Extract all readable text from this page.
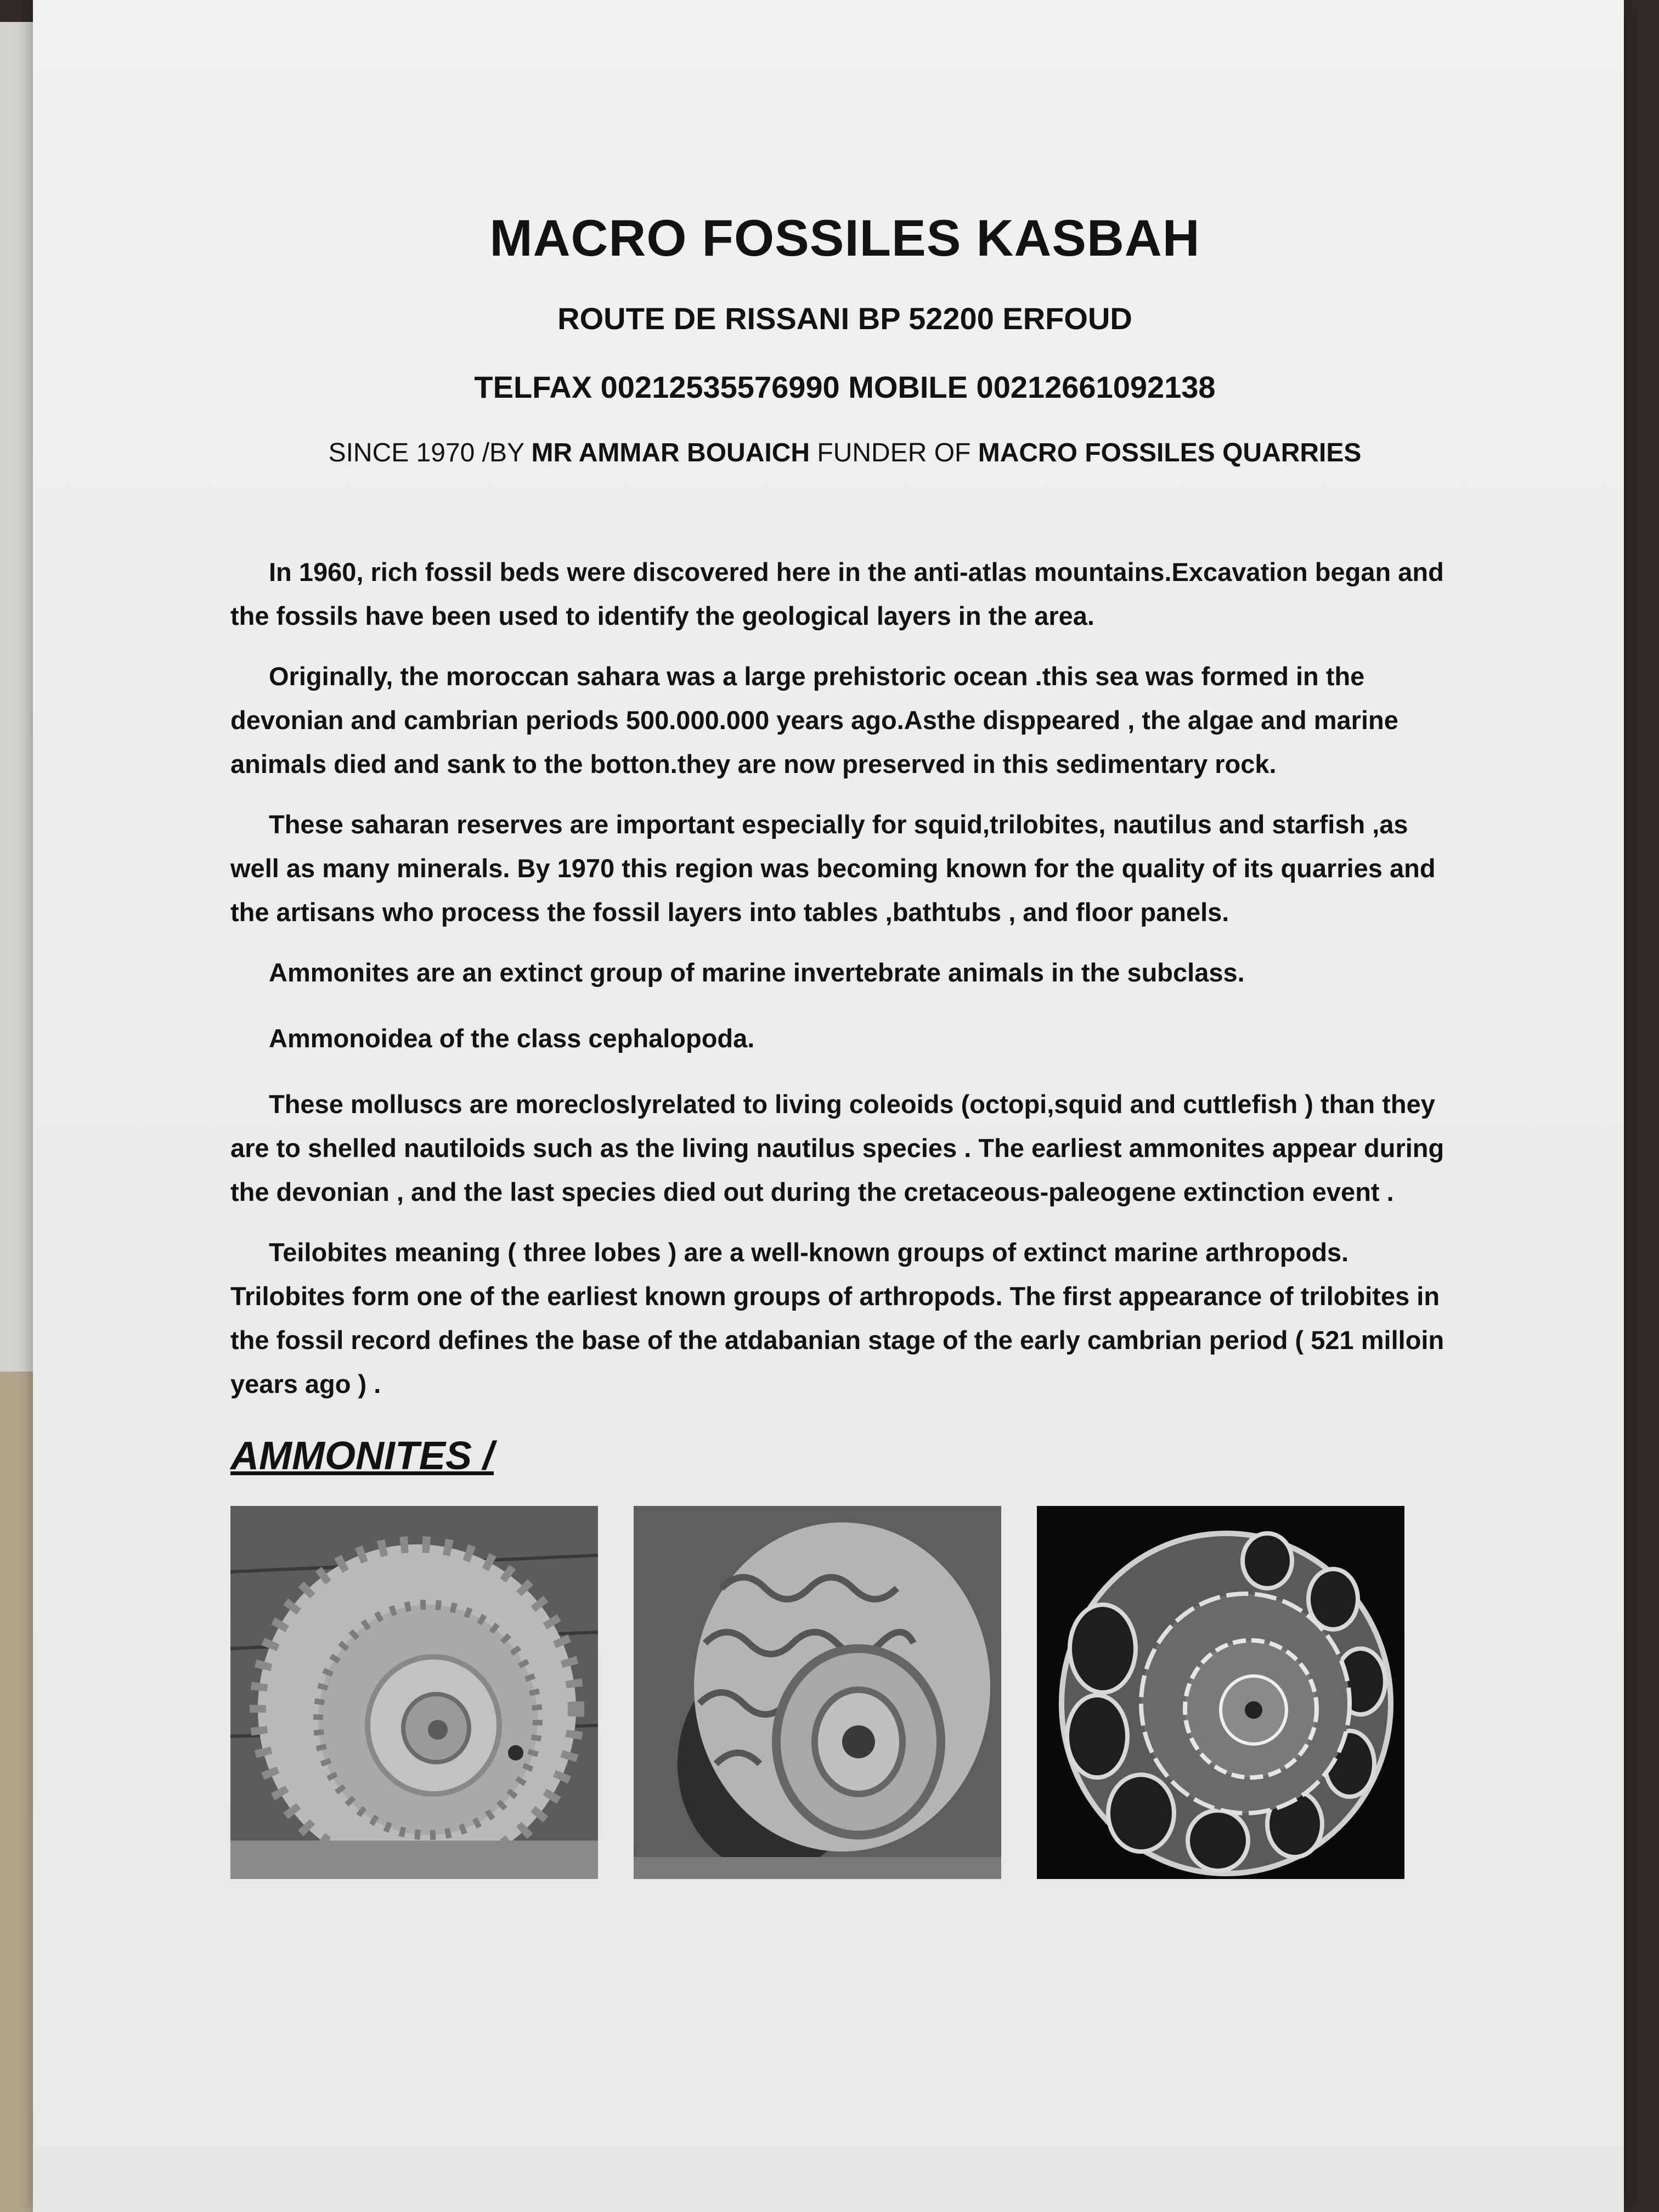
MACRO FOSSILES KASBAH
ROUTE DE RISSANI BP 52200 ERFOUD
TELFAX 00212535576990 MOBILE 00212661092138
SINCE 1970 /BY MR AMMAR BOUAICH FUNDER OF MACRO FOSSILES QUARRIES

In 1960, rich fossil beds were discovered here in the anti-atlas mountains.Excavation began and the fossils have been used to identify the geological layers in the area.

Originally, the moroccan sahara was a large prehistoric ocean .this sea was formed in the devonian and cambrian periods 500.000.000 years ago.Asthe disppeared , the algae and marine animals died and sank to the botton.they are now preserved in this sedimentary rock.

These saharan reserves are important especially for squid,trilobites, nautilus and starfish ,as well as many minerals. By 1970 this region was becoming known for the quality of its quarries and the artisans who process the fossil layers into tables ,bathtubs , and floor panels.

Ammonites are an extinct group of marine invertebrate animals in the subclass.

Ammonoidea of the class cephalopoda.

These molluscs are moreclosIyrelated to living coleoids (octopi,squid and cuttlefish ) than they are to shelled nautiloids such as the living nautilus species . The earliest ammonites appear during the devonian , and the last species died out during the cretaceous-paleogene extinction event .

Teilobites meaning ( three lobes ) are a well-known groups of extinct marine arthropods. Trilobites form one of the earliest known groups of arthropods. The first appearance of trilobites in the fossil record defines the base of the atdabanian stage of the early cambrian period ( 521 milloin years ago ) .

AMMONITES /
